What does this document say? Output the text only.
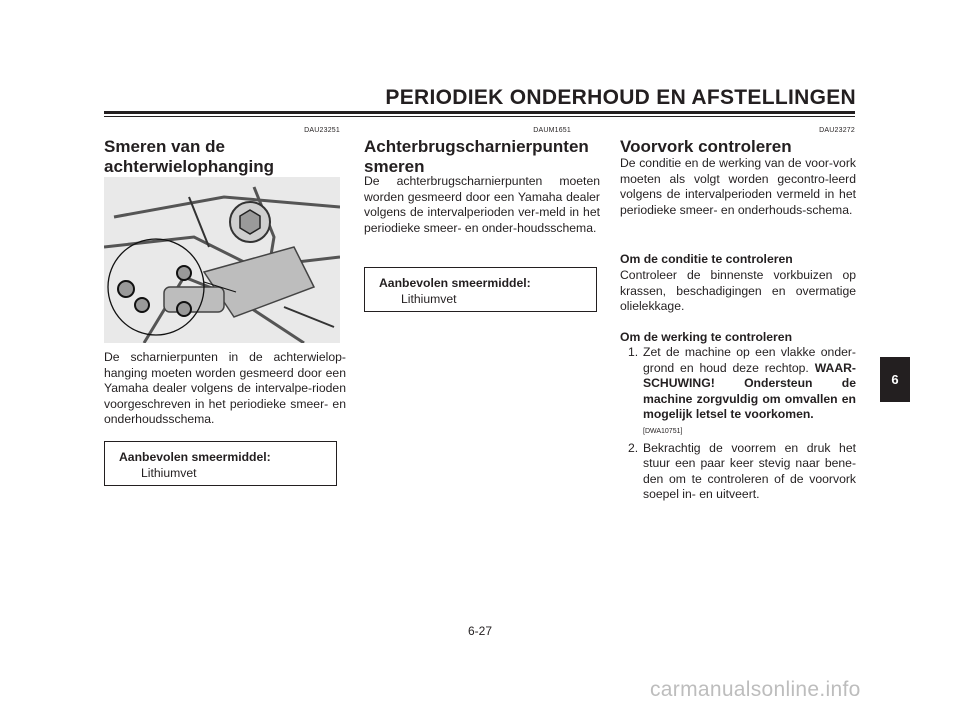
PERIODIEK ONDERHOUD EN AFSTELLINGEN
DAU23251
Smeren van de
achterwielophanging

De scharnierpunten in de achterwielop-hanging moeten worden gesmeerd door een Yamaha dealer volgens de intervalpe-rioden voorgeschreven in het periodieke smeer- en onderhoudsschema.

Aanbevolen smeermiddel:
Lithiumvet
DAUM1651
Achterbrugscharnierpunten
smeren

De achterbrugscharnierpunten moeten worden gesmeerd door een Yamaha dealer volgens de intervalperioden ver-meld in het periodieke smeer- en onder-houdsschema.

Aanbevolen smeermiddel:
Lithiumvet
DAU23272
Voorvork controleren

De conditie en de werking van de voor-vork moeten als volgt worden gecontro-leerd volgens de intervalperioden vermeld in het periodieke smeer- en onderhouds-schema.

Om de conditie te controleren

Controleer de binnenste vorkbuizen op krassen, beschadigingen en overmatige olielekkage.

Om de werking te controleren
1. Zet de machine op een vlakke onder-grond en houd deze rechtop. WAAR-SCHUWING! Ondersteun de machine zorgvuldig om omvallen en mogelijk letsel te voorkomen.
[DWA10751]
2. Bekrachtig de voorrem en druk het stuur een paar keer stevig naar bene-den om te controleren of de voorvork soepel in- en uitveert.
6
6-27
carmanualsonline.info
